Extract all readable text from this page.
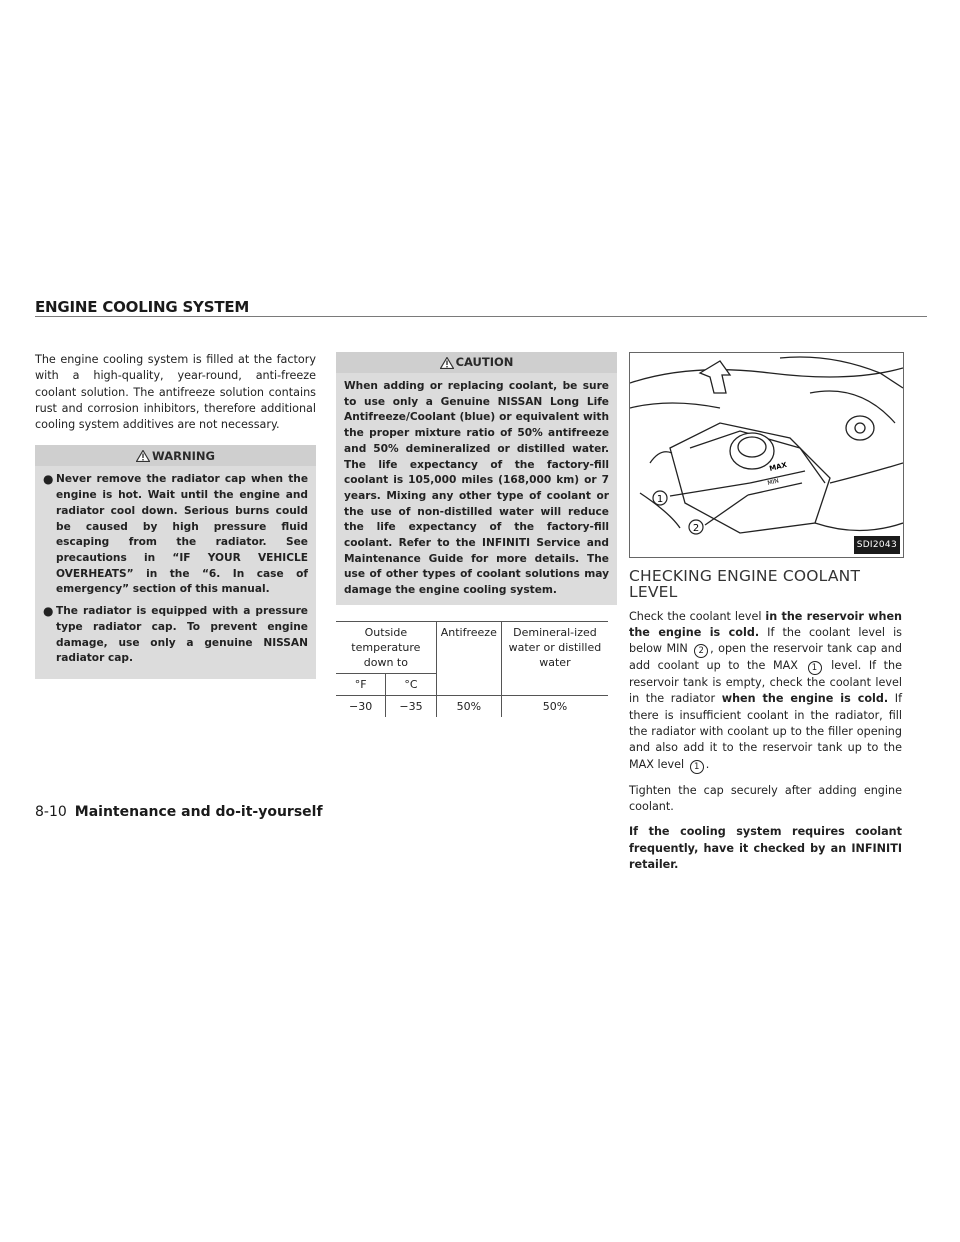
ENGINE COOLING SYSTEM

The engine cooling system is filled at the factory with a high-quality, year-round, anti-freeze coolant solution. The antifreeze solution contains rust and corrosion inhibitors, therefore additional cooling system additives are not necessary.

WARNING
● Never remove the radiator cap when the engine is hot. Wait until the engine and radiator cool down. Serious burns could be caused by high pressure fluid escaping from the radiator. See precautions in “IF YOUR VEHICLE OVERHEATS” in the “6. In case of emergency” section of this manual.
● The radiator is equipped with a pressure type radiator cap. To prevent engine damage, use only a genuine NISSAN radiator cap.
CAUTION
When adding or replacing coolant, be sure to use only a Genuine NISSAN Long Life Antifreeze/Coolant (blue) or equivalent with the proper mixture ratio of 50% antifreeze and 50% demineralized or distilled water. The life expectancy of the factory-fill coolant is 105,000 miles (168,000 km) or 7 years. Mixing any other type of coolant or the use of non-distilled water will reduce the life expectancy of the factory-fill coolant. Refer to the INFINITI Service and Maintenance Guide for more details. The use of other types of coolant solutions may damage the engine cooling system.
Outside temperature down to		Antifreeze	Demineral-ized water or distilled water
°F	°C		
−30	−35	50%	50%
MAX
MIN
1
2
SDI2043
CHECKING ENGINE COOLANT LEVEL

Check the coolant level in the reservoir when the engine is cold. If the coolant level is below MIN 2 , open the reservoir tank cap and add coolant up to the MAX 1 level. If the reservoir tank is empty, check the coolant level in the radiator when the engine is cold. If there is insufficient coolant in the radiator, fill the radiator with coolant up to the filler opening and also add it to the reservoir tank up to the MAX level 1 .

Tighten the cap securely after adding engine coolant.

If the cooling system requires coolant frequently, have it checked by an INFINITI retailer.

8-10 Maintenance and do-it-yourself
